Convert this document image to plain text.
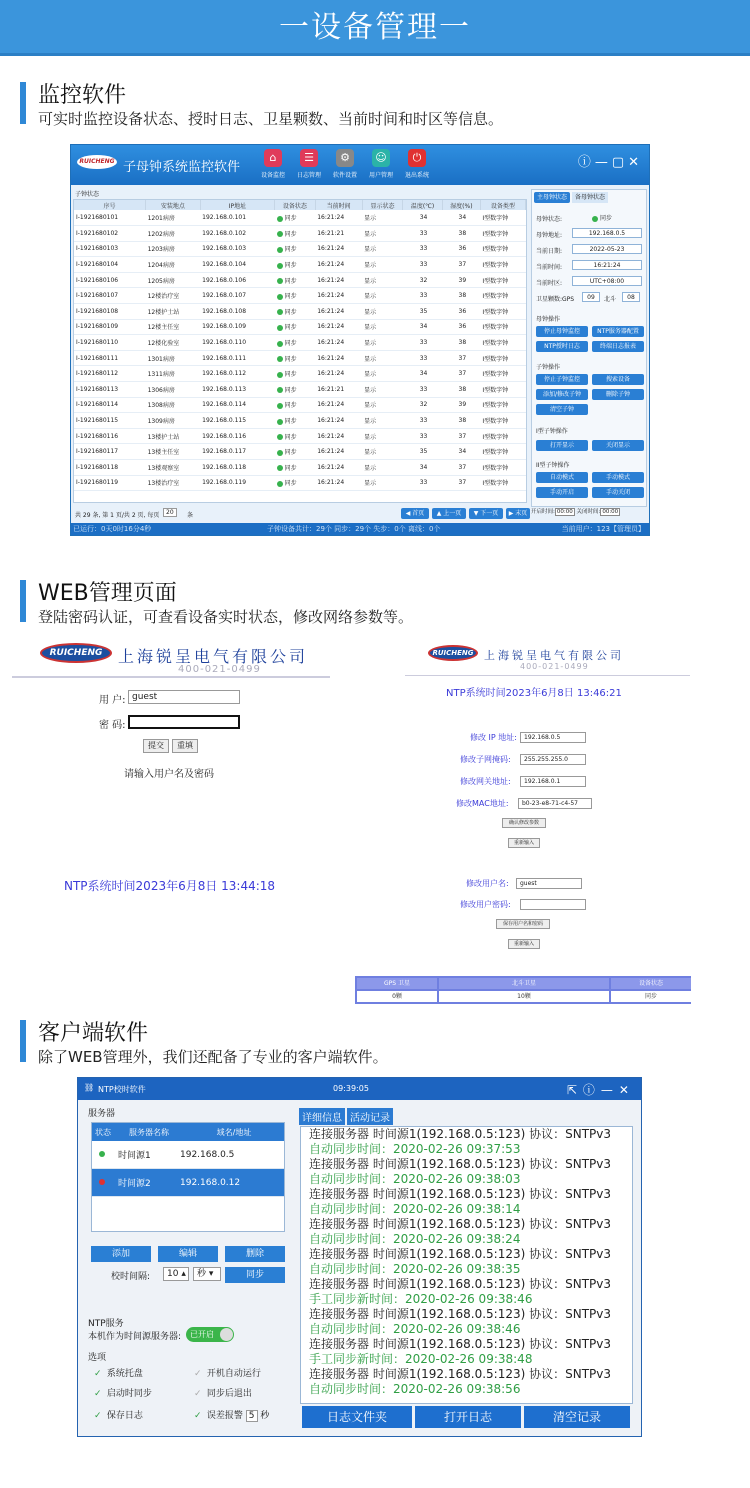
一设备管理一
监控软件

可实时监控设备状态、授时日志、卫星颗数、当前时间和时区等信息。

RUICHENG 子母钟系统监控软件
⌂
设备监控
☰
日志管理
⚙
软件设置
☺
用户管理
⏻
退出系统
ⓘ—▢✕
子钟状态
序号	安装地点	IP地址	设备状态	当前时间	显示状态	温度(℃)	湿度(%)	设备类型
I-1921680101	1201病房	192.168.0.101	同步	16:21:24	显示	34	34	I型数字钟
I-1921680102	1202病房	192.168.0.102	同步	16:21:21	显示	33	38	I型数字钟
I-1921680103	1203病房	192.168.0.103	同步	16:21:24	显示	33	36	I型数字钟
I-1921680104	1204病房	192.168.0.104	同步	16:21:24	显示	33	37	I型数字钟
I-1921680106	1205病房	192.168.0.106	同步	16:21:24	显示	32	39	I型数字钟
I-1921680107	12楼治疗室	192.168.0.107	同步	16:21:24	显示	33	38	I型数字钟
I-1921680108	12楼护士站	192.168.0.108	同步	16:21:24	显示	35	36	I型数字钟
I-1921680109	12楼主任室	192.168.0.109	同步	16:21:24	显示	34	36	I型数字钟
I-1921680110	12楼化验室	192.168.0.110	同步	16:21:24	显示	33	38	I型数字钟
I-1921680111	1301病房	192.168.0.111	同步	16:21:24	显示	33	37	I型数字钟
I-1921680112	1311病房	192.168.0.112	同步	16:21:24	显示	34	37	I型数字钟
I-1921680113	1306病房	192.168.0.113	同步	16:21:21	显示	33	38	I型数字钟
I-1921680114	1308病房	192.168.0.114	同步	16:21:24	显示	32	39	I型数字钟
I-1921680115	1309病房	192.168.0.115	同步	16:21:24	显示	33	38	I型数字钟
I-1921680116	13楼护士站	192.168.0.116	同步	16:21:24	显示	33	37	I型数字钟
I-1921680117	13楼主任室	192.168.0.117	同步	16:21:24	显示	35	34	I型数字钟
I-1921680118	13楼观察室	192.168.0.118	同步	16:21:24	显示	34	37	I型数字钟
I-1921680119	13楼治疗室	192.168.0.119	同步	16:21:24	显示	33	37	I型数字钟
共 29 条, 第 1 页/共 2 页, 每页	20	条	◀ 首页	▲ 上一页	▼ 下一页	▶ 末页
主母钟状态	备母钟状态
母钟状态:	同步
母钟地址:	192.168.0.5
当前日期:	2022-05-23
当前时间:	16:21:24
当前时区:	UTC+08:00
卫星颗数:GPS	09	北斗	08
母钟操作
停止母钟监控	NTP服务器配置
NTP授时日志	终端日志报表
子钟操作
停止子钟监控	搜索设备
添加/修改子钟	删除子钟
清空子钟
I型子钟操作
打开显示	关闭显示
II型子钟操作
自动模式	手动模式
手动开启	手动关闭
开启时间: 00:00 关闭时间: 00:00
已运行：0天0时16分4秒	子钟设备共计：29个 同步：29个 失步：0个 离线：0个	当前用户：123【管理员】
WEB管理页面

登陆密码认证，可查看设备实时状态，修改网络参数等。

RUICHENG 上海锐呈电气有限公司
400-021-0499
用 户: guest
密 码:
提交	重填
请输入用户名及密码
NTP系统时间2023年6月8日 13:44:18
RUICHENG 上海锐呈电气有限公司
400-021-0499
NTP系统时间2023年6月8日 13:46:21
修改 IP 地址:	192.168.0.5
修改子网掩码:	255.255.255.0
修改网关地址:	192.168.0.1
修改MAC地址:	b0-23-e8-71-c4-57
确认修改参数
重新输入
修改用户名:	guest
修改用户密码:
保存用户名和密码
重新输入
GPS 卫星	北斗卫星	设备状态
0颗	10颗	同步
客户端软件

除了WEB管理外，我们还配备了专业的客户端软件。

⛓ NTP校时软件	09:39:05	⇱ⓘ—✕
服务器
状态	服务器名称	域名/地址
时间源1	192.168.0.5
时间源2	192.168.0.12
添加	编辑	删除
校时间隔:	10 ▴	秒 ▾	同步
NTP服务
本机作为时间源服务器:	已开启
选项
✓ 系统托盘	✓ 开机自动运行
✓ 启动时同步	✓ 同步后退出
✓ 保存日志	✓ 误差报警 5 秒
详细信息 活动记录
连接服务器 时间源1(192.168.0.5:123) 协议：SNTPv3
自动同步时间：2020-02-26 09:37:53
连接服务器 时间源1(192.168.0.5:123) 协议：SNTPv3
自动同步时间：2020-02-26 09:38:03
连接服务器 时间源1(192.168.0.5:123) 协议：SNTPv3
自动同步时间：2020-02-26 09:38:14
连接服务器 时间源1(192.168.0.5:123) 协议：SNTPv3
自动同步时间：2020-02-26 09:38:24
连接服务器 时间源1(192.168.0.5:123) 协议：SNTPv3
自动同步时间：2020-02-26 09:38:35
连接服务器 时间源1(192.168.0.5:123) 协议：SNTPv3
手工同步新时间：2020-02-26 09:38:46
连接服务器 时间源1(192.168.0.5:123) 协议：SNTPv3
自动同步时间：2020-02-26 09:38:46
连接服务器 时间源1(192.168.0.5:123) 协议：SNTPv3
手工同步新时间：2020-02-26 09:38:48
连接服务器 时间源1(192.168.0.5:123) 协议：SNTPv3
自动同步时间：2020-02-26 09:38:56
日志文件夹	打开日志	清空记录
